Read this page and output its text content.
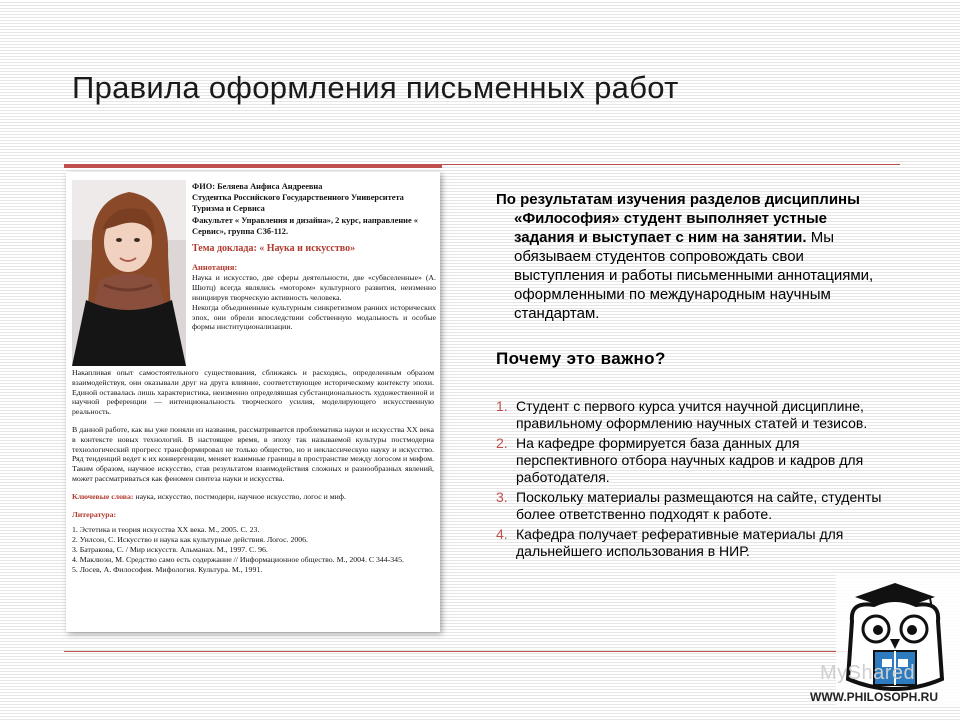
Правила оформления письменных работ
ФИО: Беляева Анфиса Андреевна
Студентка Российского Государственного Университета Туризма и Сервиса
Факультет « Управления и дизайна», 2 курс, направление « Сервис», группа СЗб-112.
Тема доклада: « Наука и искусство»
Аннотация:
Наука и искусство, две сферы деятельности, две «субвселенные» (А. Шютц) всегда являлись «мотором» культурного развития, неизменно инициируя творческую активность человека.
Некогда объединенные культурным синкретизмом ранних исторических эпох, они обрели впоследствии собственную модальность и особые формы институционализации.

Накапливая опыт самостоятельного существования, сближаясь и расходясь, определенным образом взаимодействуя, они оказывали друг на друга влияние, соответствующее историческому контексту эпохи. Единой оставалась лишь характеристика, неизменно определявшая субстанциональность художественной и научной референции — интенциональность творческого усилия, моделирующего искусственную реальность.

В данной работе, как вы уже поняли из названия, рассматривается проблематика науки и искусства XX века в контексте новых технологий. В настоящее время, в эпоху так называемой культуры постмодерна технологический прогресс трансформировал не только общество, но и неклассическую науку и искусство. Ряд тенденций ведет к их конвергенции, меняет взаимные границы в пространстве между логосом и мифом. Таким образом, научное искусство, став результатом взаимодействия сложных и разнообразных явлений, может рассматриваться как феномен синтеза науки и искусства.

Ключевые слова: наука, искусство, постмодерн, научное искусство, логос и миф.

Литература:
1. Эстетика и теория искусства XX века. М., 2005. С. 23.
2. Уилсон, С. Искусство и наука как культурные действия. Логос. 2006.
3. Батракова, С. / Мир искусств. Альманах. М., 1997. С. 96.
4. Маклюэн, М. Средство само есть содержание // Информационное общество. М., 2004. С 344-345.
5. Лосев, А. Философия. Мифология. Культура. М., 1991.

По результатам изучения разделов дисциплины «Философия» студент выполняет устные задания и выступает с ним на занятии. Мы обязываем студентов сопровождать свои выступления и работы письменными аннотациями, оформленными по международным научным стандартам.

Почему это важно?
1. Студент с первого курса учится научной дисциплине, правильному оформлению научных статей и тезисов.
2. На кафедре формируется база данных для перспективного отбора научных кадров и кадров для работодателя.
3. Поскольку материалы размещаются на сайте, студенты более ответственно подходят к работе.
4. Кафедра получает реферативные материалы для дальнейшего использования в НИР.
MyShared
WWW.PHILOSOPH.RU
